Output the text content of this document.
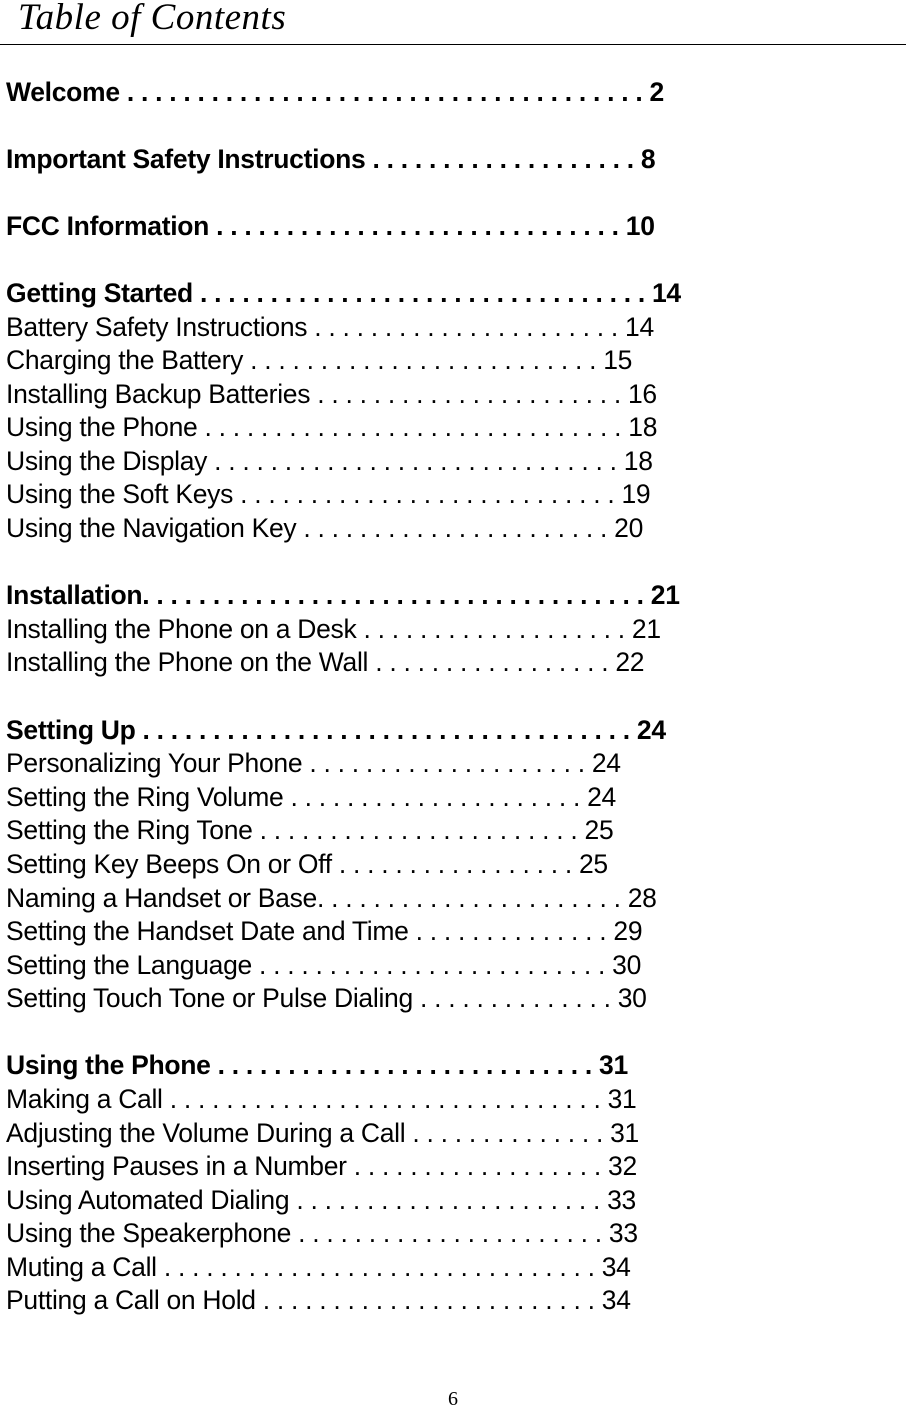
Table of Contents
Welcome . . . . . . . . . . . . . . . . . . . . . . . . . . . . . . . . . . . . . 2
Important Safety Instructions . . . . . . . . . . . . . . . . . . . 8
FCC Information . . . . . . . . . . . . . . . . . . . . . . . . . . . . . 10
Getting Started . . . . . . . . . . . . . . . . . . . . . . . . . . . . . . . . 14
Battery Safety Instructions . . . . . . . . . . . . . . . . . . . . . . 14
Charging the Battery . . . . . . . . . . . . . . . . . . . . . . . . . 15
Installing Backup Batteries . . . . . . . . . . . . . . . . . . . . . . 16
Using the Phone . . . . . . . . . . . . . . . . . . . . . . . . . . . . . . 18
Using the Display . . . . . . . . . . . . . . . . . . . . . . . . . . . . . 18
Using the Soft Keys . . . . . . . . . . . . . . . . . . . . . . . . . . . 19
Using the Navigation Key . . . . . . . . . . . . . . . . . . . . . . 20
Installation. . . . . . . . . . . . . . . . . . . . . . . . . . . . . . . . . . . . 21
Installing the Phone on a Desk . . . . . . . . . . . . . . . . . . . 21
Installing the Phone on the Wall . . . . . . . . . . . . . . . . . 22
Setting Up . . . . . . . . . . . . . . . . . . . . . . . . . . . . . . . . . . . 24
Personalizing Your Phone . . . . . . . . . . . . . . . . . . . . 24
Setting the Ring Volume . . . . . . . . . . . . . . . . . . . . . 24
Setting the Ring Tone . . . . . . . . . . . . . . . . . . . . . . . 25
Setting Key Beeps On or Off . . . . . . . . . . . . . . . . . 25
Naming a Handset or Base. . . . . . . . . . . . . . . . . . . . . . 28
Setting the Handset Date and Time . . . . . . . . . . . . . . 29
Setting the Language . . . . . . . . . . . . . . . . . . . . . . . . . 30
Setting Touch Tone or Pulse Dialing . . . . . . . . . . . . . . 30
Using the Phone . . . . . . . . . . . . . . . . . . . . . . . . . . . 31
Making a Call . . . . . . . . . . . . . . . . . . . . . . . . . . . . . . . 31
Adjusting the Volume During a Call . . . . . . . . . . . . . . 31
Inserting Pauses in a Number . . . . . . . . . . . . . . . . . . 32
Using Automated Dialing . . . . . . . . . . . . . . . . . . . . . . 33
Using the Speakerphone . . . . . . . . . . . . . . . . . . . . . . 33
Muting a Call . . . . . . . . . . . . . . . . . . . . . . . . . . . . . . . 34
Putting a Call on Hold . . . . . . . . . . . . . . . . . . . . . . . . 34
6
